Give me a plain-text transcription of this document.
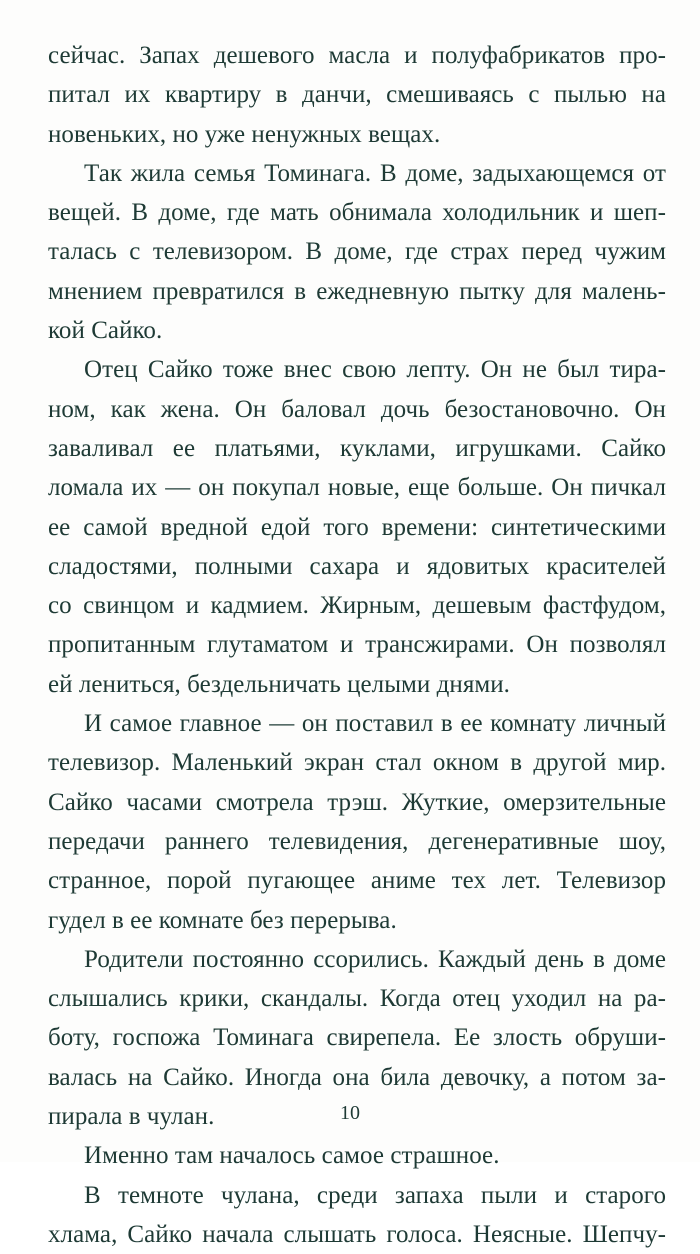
сейчас. Запах дешевого масла и полуфабрикатов про-
питал их квартиру в данчи, смешиваясь с пылью на
новеньких, но уже ненужных вещах.
Так жила семья Томинага. В доме, задыхающемся от
вещей. В доме, где мать обнимала холодильник и шеп-
талась с телевизором. В доме, где страх перед чужим
мнением превратился в ежедневную пытку для малень-
кой Сайко.
Отец Сайко тоже внес свою лепту. Он не был тира-
ном, как жена. Он баловал дочь безостановочно. Он
заваливал ее платьями, куклами, игрушками. Сайко
ломала их — он покупал новые, еще больше. Он пичкал
ее самой вредной едой того времени: синтетическими
сладостями, полными сахара и ядовитых красителей
со свинцом и кадмием. Жирным, дешевым фастфудом,
пропитанным глутаматом и трансжирами. Он позволял
ей лениться, бездельничать целыми днями.
И самое главное — он поставил в ее комнату личный
телевизор. Маленький экран стал окном в другой мир.
Сайко часами смотрела трэш. Жуткие, омерзительные
передачи раннего телевидения, дегенеративные шоу,
странное, порой пугающее аниме тех лет. Телевизор
гудел в ее комнате без перерыва.
Родители постоянно ссорились. Каждый день в доме
слышались крики, скандалы. Когда отец уходил на ра-
боту, госпожа Томинага свирепела. Ее злость обруши-
валась на Сайко. Иногда она била девочку, а потом за-
пирала в чулан.
Именно там началось самое страшное.
В темноте чулана, среди запаха пыли и старого
хлама, Сайко начала слышать голоса. Неясные. Шепчу-
10
